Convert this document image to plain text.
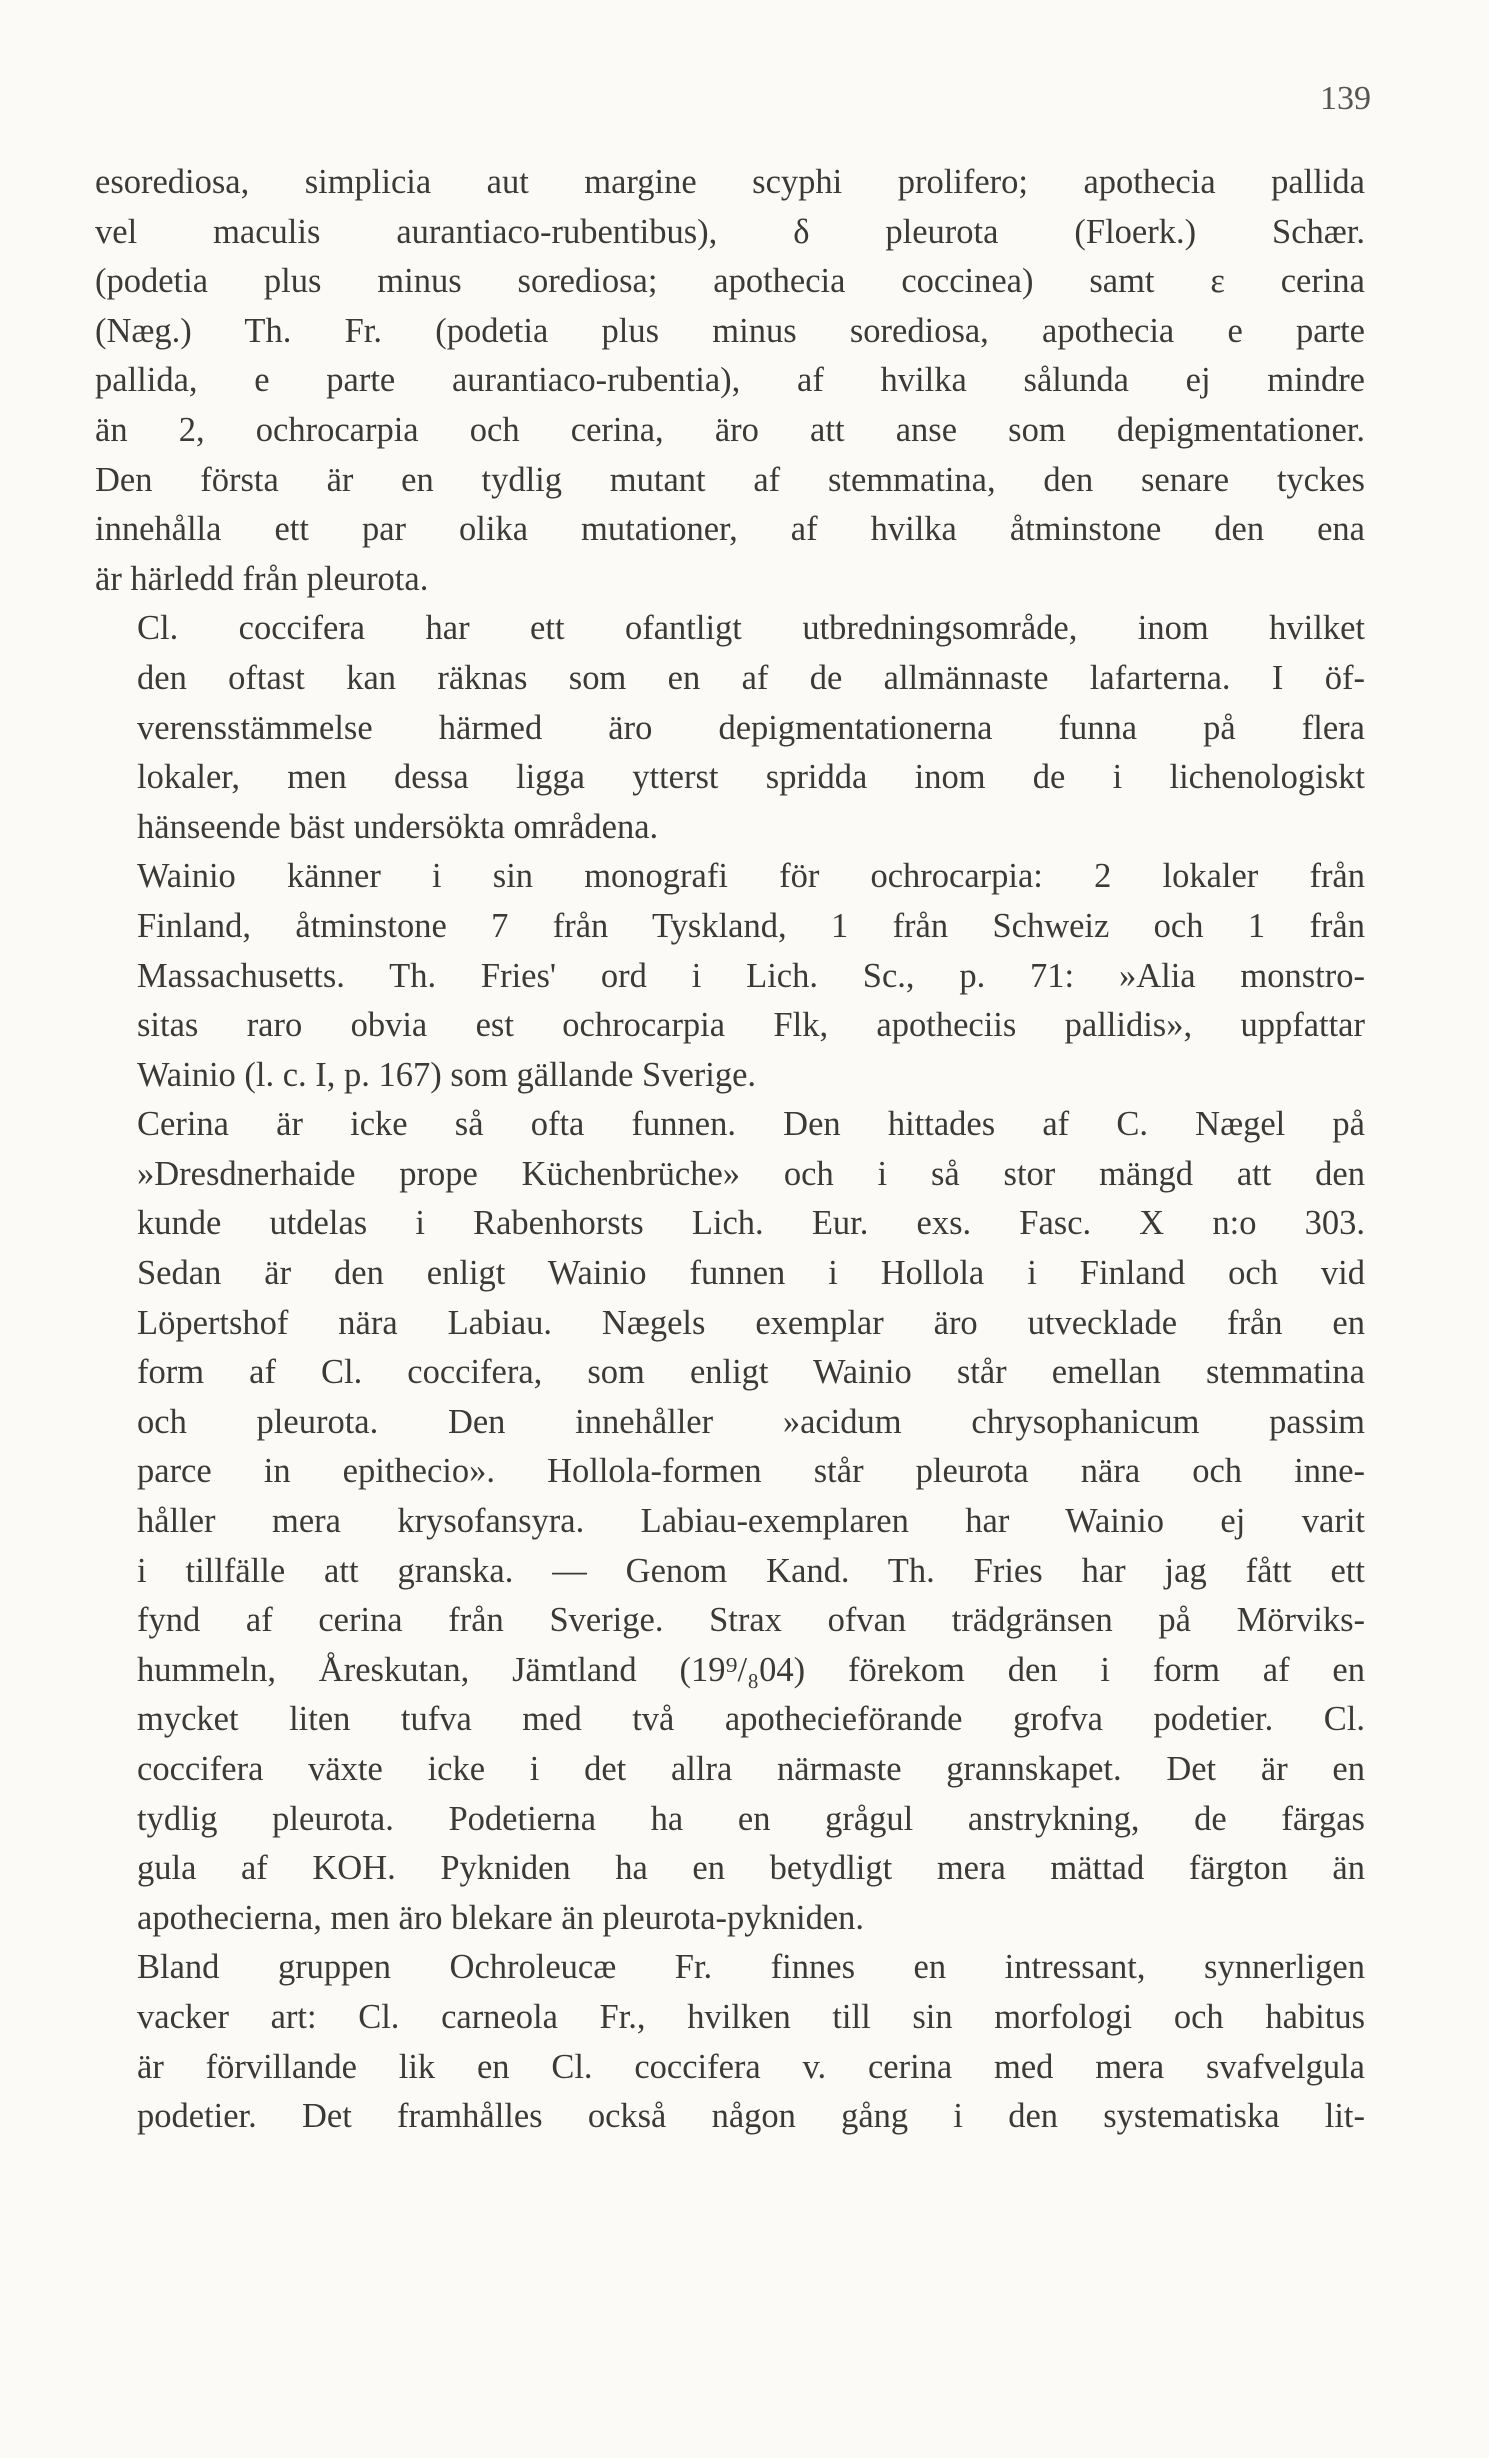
139
esorediosa, simplicia aut margine scyphi prolifero; apothecia pallida
vel maculis aurantiaco-rubentibus), δ pleurota (Floerk.) Schær.
(podetia plus minus sorediosa; apothecia coccinea) samt ε cerina
(Næg.) Th. Fr. (podetia plus minus sorediosa, apothecia e parte
pallida, e parte aurantiaco-rubentia), af hvilka sålunda ej mindre
än 2, ochrocarpia och cerina, äro att anse som depigmentationer.
Den första är en tydlig mutant af stemmatina, den senare tyckes
innehålla ett par olika mutationer, af hvilka åtminstone den ena
är härledd från pleurota.
Cl. coccifera har ett ofantligt utbredningsområde, inom hvilket
den oftast kan räknas som en af de allmännaste lafarterna. I öf-
verensstämmelse härmed äro depigmentationerna funna på flera
lokaler, men dessa ligga ytterst spridda inom de i lichenologiskt
hänseende bäst undersökta områdena.
Wainio känner i sin monografi för ochrocarpia: 2 lokaler från
Finland, åtminstone 7 från Tyskland, 1 från Schweiz och 1 från
Massachusetts. Th. Fries' ord i Lich. Sc., p. 71: »Alia monstro-
sitas raro obvia est ochrocarpia Flk, apotheciis pallidis», uppfattar
Wainio (l. c. I, p. 167) som gällande Sverige.
Cerina är icke så ofta funnen. Den hittades af C. Nægel på
»Dresdnerhaide prope Küchenbrüche» och i så stor mängd att den
kunde utdelas i Rabenhorsts Lich. Eur. exs. Fasc. X n:o 303.
Sedan är den enligt Wainio funnen i Hollola i Finland och vid
Löpertshof nära Labiau. Nægels exemplar äro utvecklade från en
form af Cl. coccifera, som enligt Wainio står emellan stemmatina
och pleurota. Den innehåller »acidum chrysophanicum passim
parce in epithecio». Hollola-formen står pleurota nära och inne-
håller mera krysofansyra. Labiau-exemplaren har Wainio ej varit
i tillfälle att granska. — Genom Kand. Th. Fries har jag fått ett
fynd af cerina från Sverige. Strax ofvan trädgränsen på Mörviks-
hummeln, Åreskutan, Jämtland (19⁹/₈04) förekom den i form af en
mycket liten tufva med två apothecieförande grofva podetier. Cl.
coccifera växte icke i det allra närmaste grannskapet. Det är en
tydlig pleurota. Podetierna ha en grågul anstrykning, de färgas
gula af KOH. Pykniden ha en betydligt mera mättad färgton än
apothecierna, men äro blekare än pleurota-pykniden.
Bland gruppen Ochroleucæ Fr. finnes en intressant, synnerligen
vacker art: Cl. carneola Fr., hvilken till sin morfologi och habitus
är förvillande lik en Cl. coccifera v. cerina med mera svafvelgula
podetier. Det framhålles också någon gång i den systematiska lit-
